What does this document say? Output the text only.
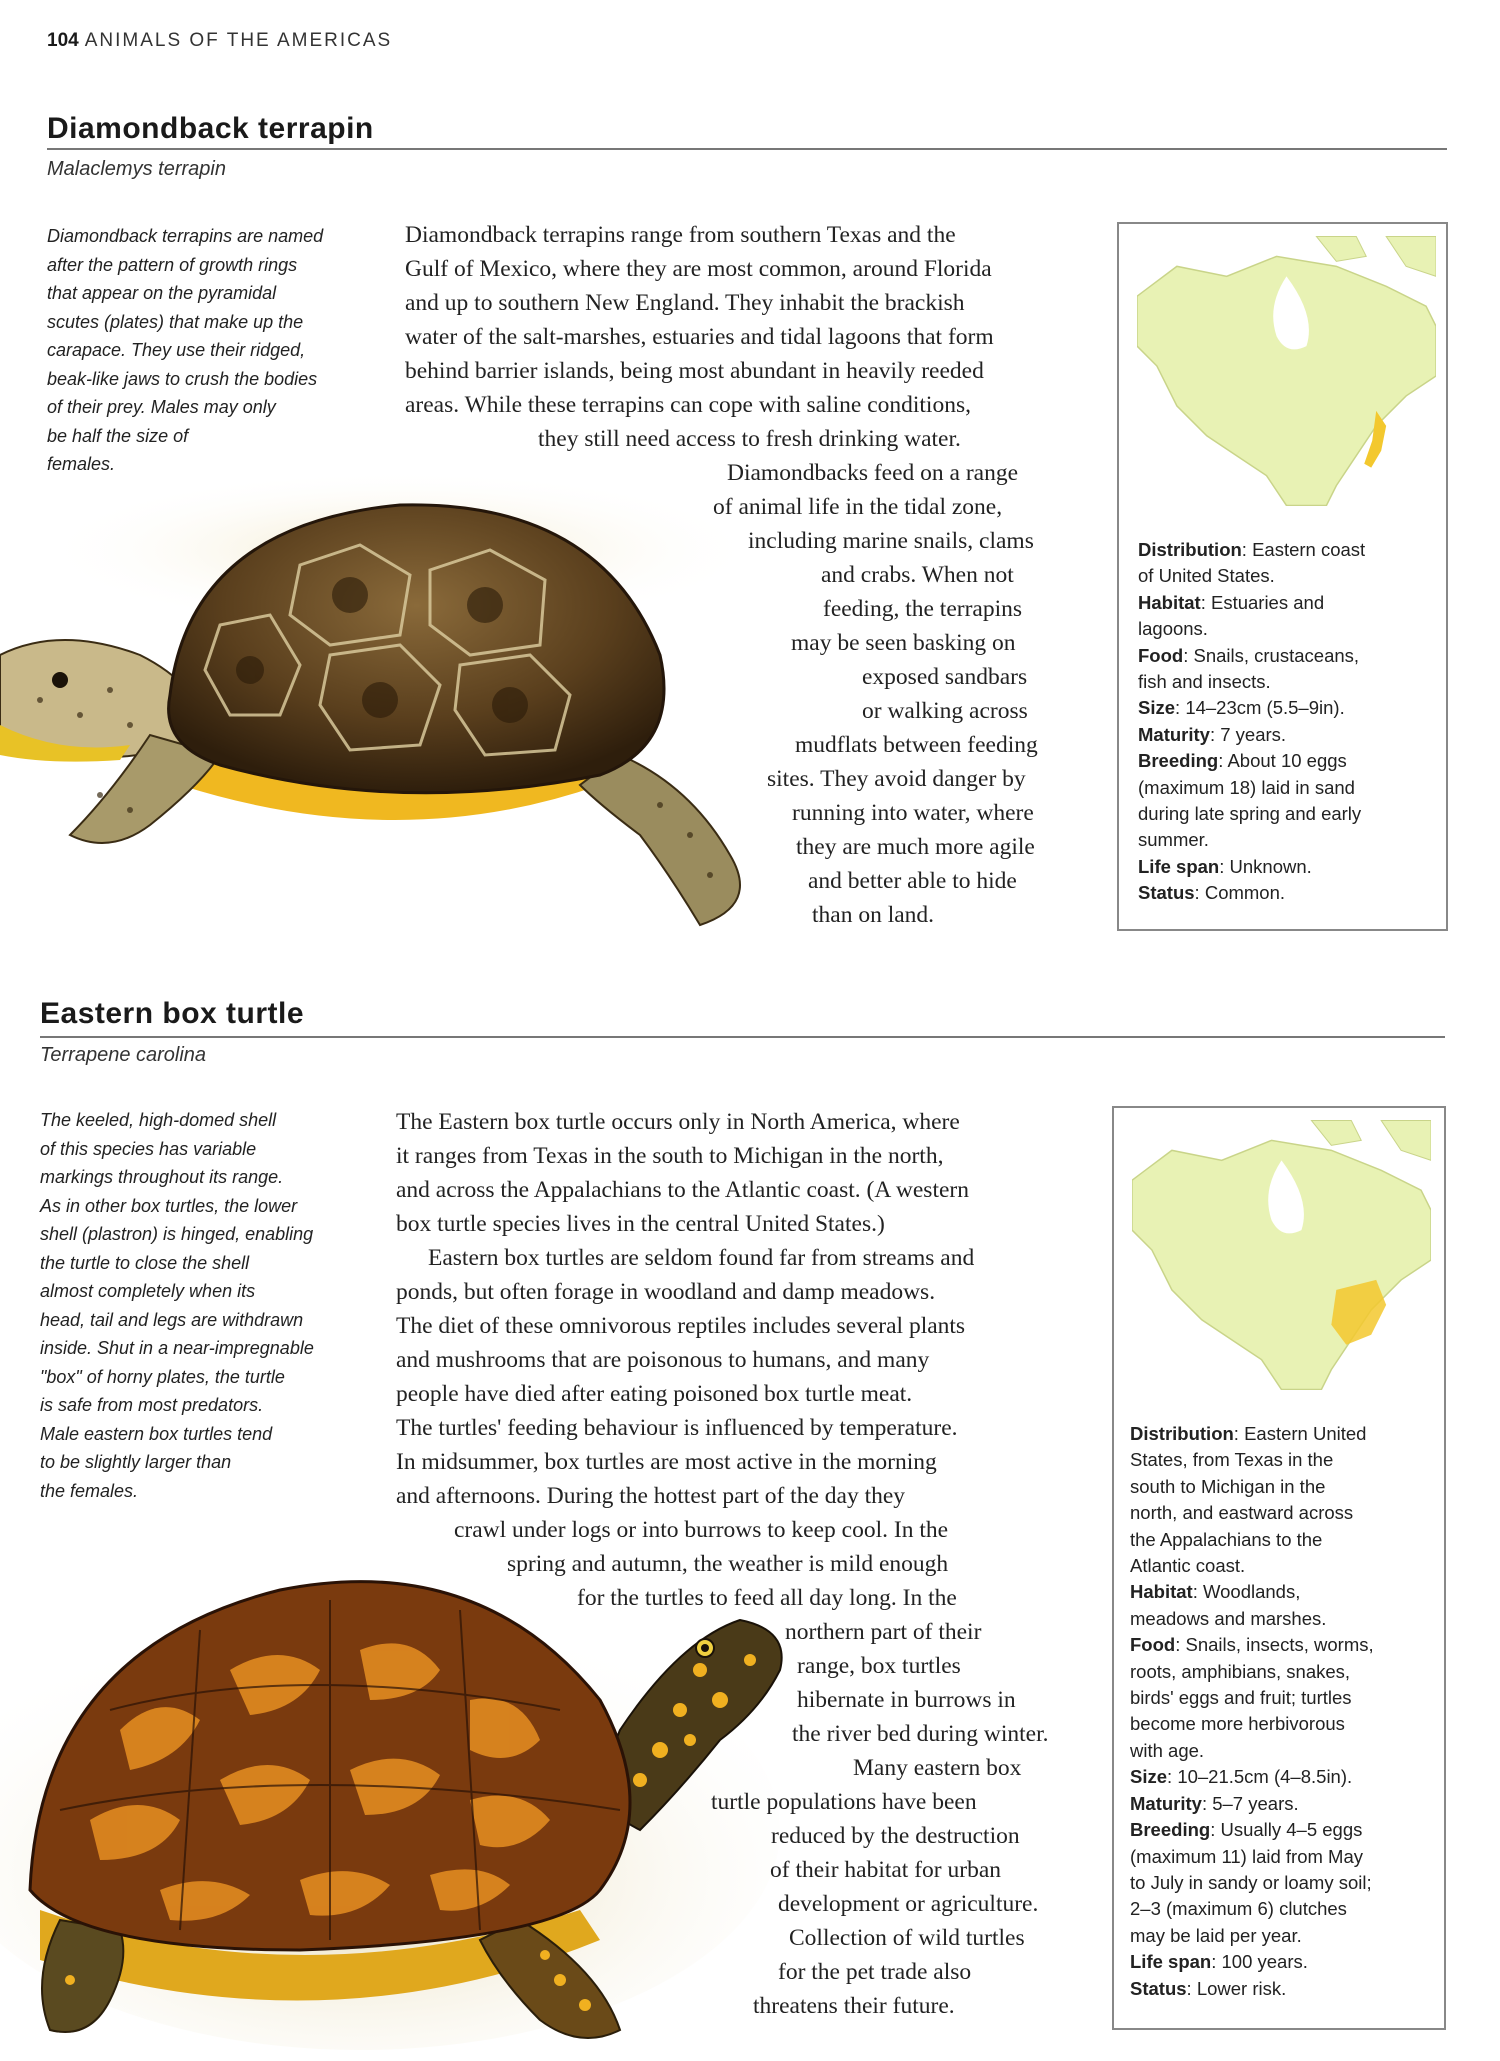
104 ANIMALS OF THE AMERICAS
Diamondback terrapin
Malaclemys terrapin
Diamondback terrapins are named
after the pattern of growth rings
that appear on the pyramidal
scutes (plates) that make up the
carapace. They use their ridged,
beak-like jaws to crush the bodies
of their prey. Males may only
be half the size of
females.
Diamondback terrapins range from southern Texas and the
Gulf of Mexico, where they are most common, around Florida
and up to southern New England. They inhabit the brackish
water of the salt-marshes, estuaries and tidal lagoons that form
behind barrier islands, being most abundant in heavily reeded
areas. While these terrapins can cope with saline conditions,
they still need access to fresh drinking water.
Diamondbacks feed on a range
of animal life in the tidal zone,
including marine snails, clams
and crabs. When not
feeding, the terrapins
may be seen basking on
exposed sandbars
or walking across
mudflats between feeding
sites. They avoid danger by
running into water, where
they are much more agile
and better able to hide
than on land.
Distribution: Eastern coast
of United States.
Habitat: Estuaries and
lagoons.
Food: Snails, crustaceans,
fish and insects.
Size: 14–23cm (5.5–9in).
Maturity: 7 years.
Breeding: About 10 eggs
(maximum 18) laid in sand
during late spring and early
summer.
Life span: Unknown.
Status: Common.
Eastern box turtle
Terrapene carolina
The keeled, high-domed shell
of this species has variable
markings throughout its range.
As in other box turtles, the lower
shell (plastron) is hinged, enabling
the turtle to close the shell
almost completely when its
head, tail and legs are withdrawn
inside. Shut in a near-impregnable
"box" of horny plates, the turtle
is safe from most predators.
Male eastern box turtles tend
to be slightly larger than
the females.
The Eastern box turtle occurs only in North America, where
it ranges from Texas in the south to Michigan in the north,
and across the Appalachians to the Atlantic coast. (A western
box turtle species lives in the central United States.)
Eastern box turtles are seldom found far from streams and
ponds, but often forage in woodland and damp meadows.
The diet of these omnivorous reptiles includes several plants
and mushrooms that are poisonous to humans, and many
people have died after eating poisoned box turtle meat.
The turtles' feeding behaviour is influenced by temperature.
In midsummer, box turtles are most active in the morning
and afternoons. During the hottest part of the day they
crawl under logs or into burrows to keep cool. In the
spring and autumn, the weather is mild enough
for the turtles to feed all day long. In the
northern part of their
range, box turtles
hibernate in burrows in
the river bed during winter.
Many eastern box
turtle populations have been
reduced by the destruction
of their habitat for urban
development or agriculture.
Collection of wild turtles
for the pet trade also
threatens their future.
Distribution: Eastern United
States, from Texas in the
south to Michigan in the
north, and eastward across
the Appalachians to the
Atlantic coast.
Habitat: Woodlands,
meadows and marshes.
Food: Snails, insects, worms,
roots, amphibians, snakes,
birds' eggs and fruit; turtles
become more herbivorous
with age.
Size: 10–21.5cm (4–8.5in).
Maturity: 5–7 years.
Breeding: Usually 4–5 eggs
(maximum 11) laid from May
to July in sandy or loamy soil;
2–3 (maximum 6) clutches
may be laid per year.
Life span: 100 years.
Status: Lower risk.
